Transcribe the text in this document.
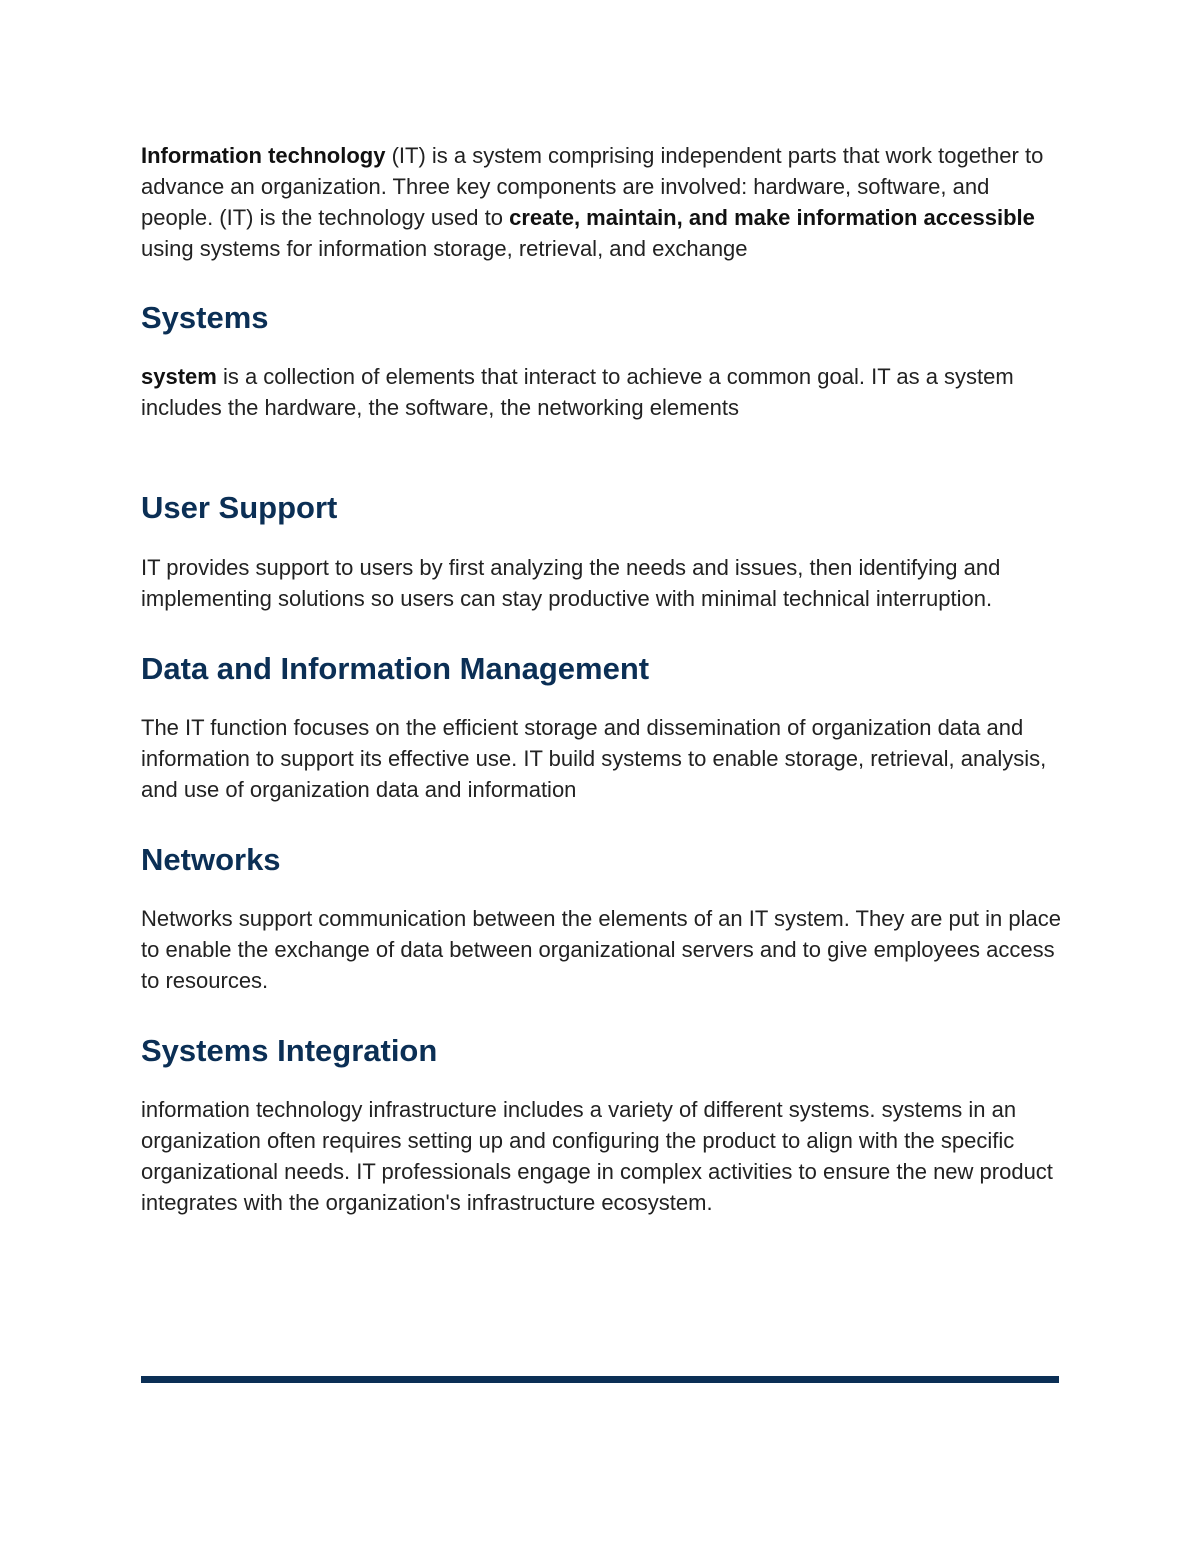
Information technology (IT) is a system comprising independent parts that work together to advance an organization. Three key components are involved: hardware, software, and people. (IT) is the technology used to create, maintain, and make information accessible using systems for information storage, retrieval, and exchange

Systems

system is a collection of elements that interact to achieve a common goal. IT as a system includes the hardware, the software, the networking elements

User Support

IT provides support to users by first analyzing the needs and issues, then identifying and implementing solutions so users can stay productive with minimal technical interruption.

Data and Information Management

The IT function focuses on the efficient storage and dissemination of organization data and information to support its effective use. IT build systems to enable storage, retrieval, analysis, and use of organization data and information

Networks

Networks support communication between the elements of an IT system. They are put in place to enable the exchange of data between organizational servers and to give employees access to resources.

Systems Integration

information technology infrastructure includes a variety of different systems. systems in an organization often requires setting up and configuring the product to align with the specific organizational needs. IT professionals engage in complex activities to ensure the new product integrates with the organization's infrastructure ecosystem.
